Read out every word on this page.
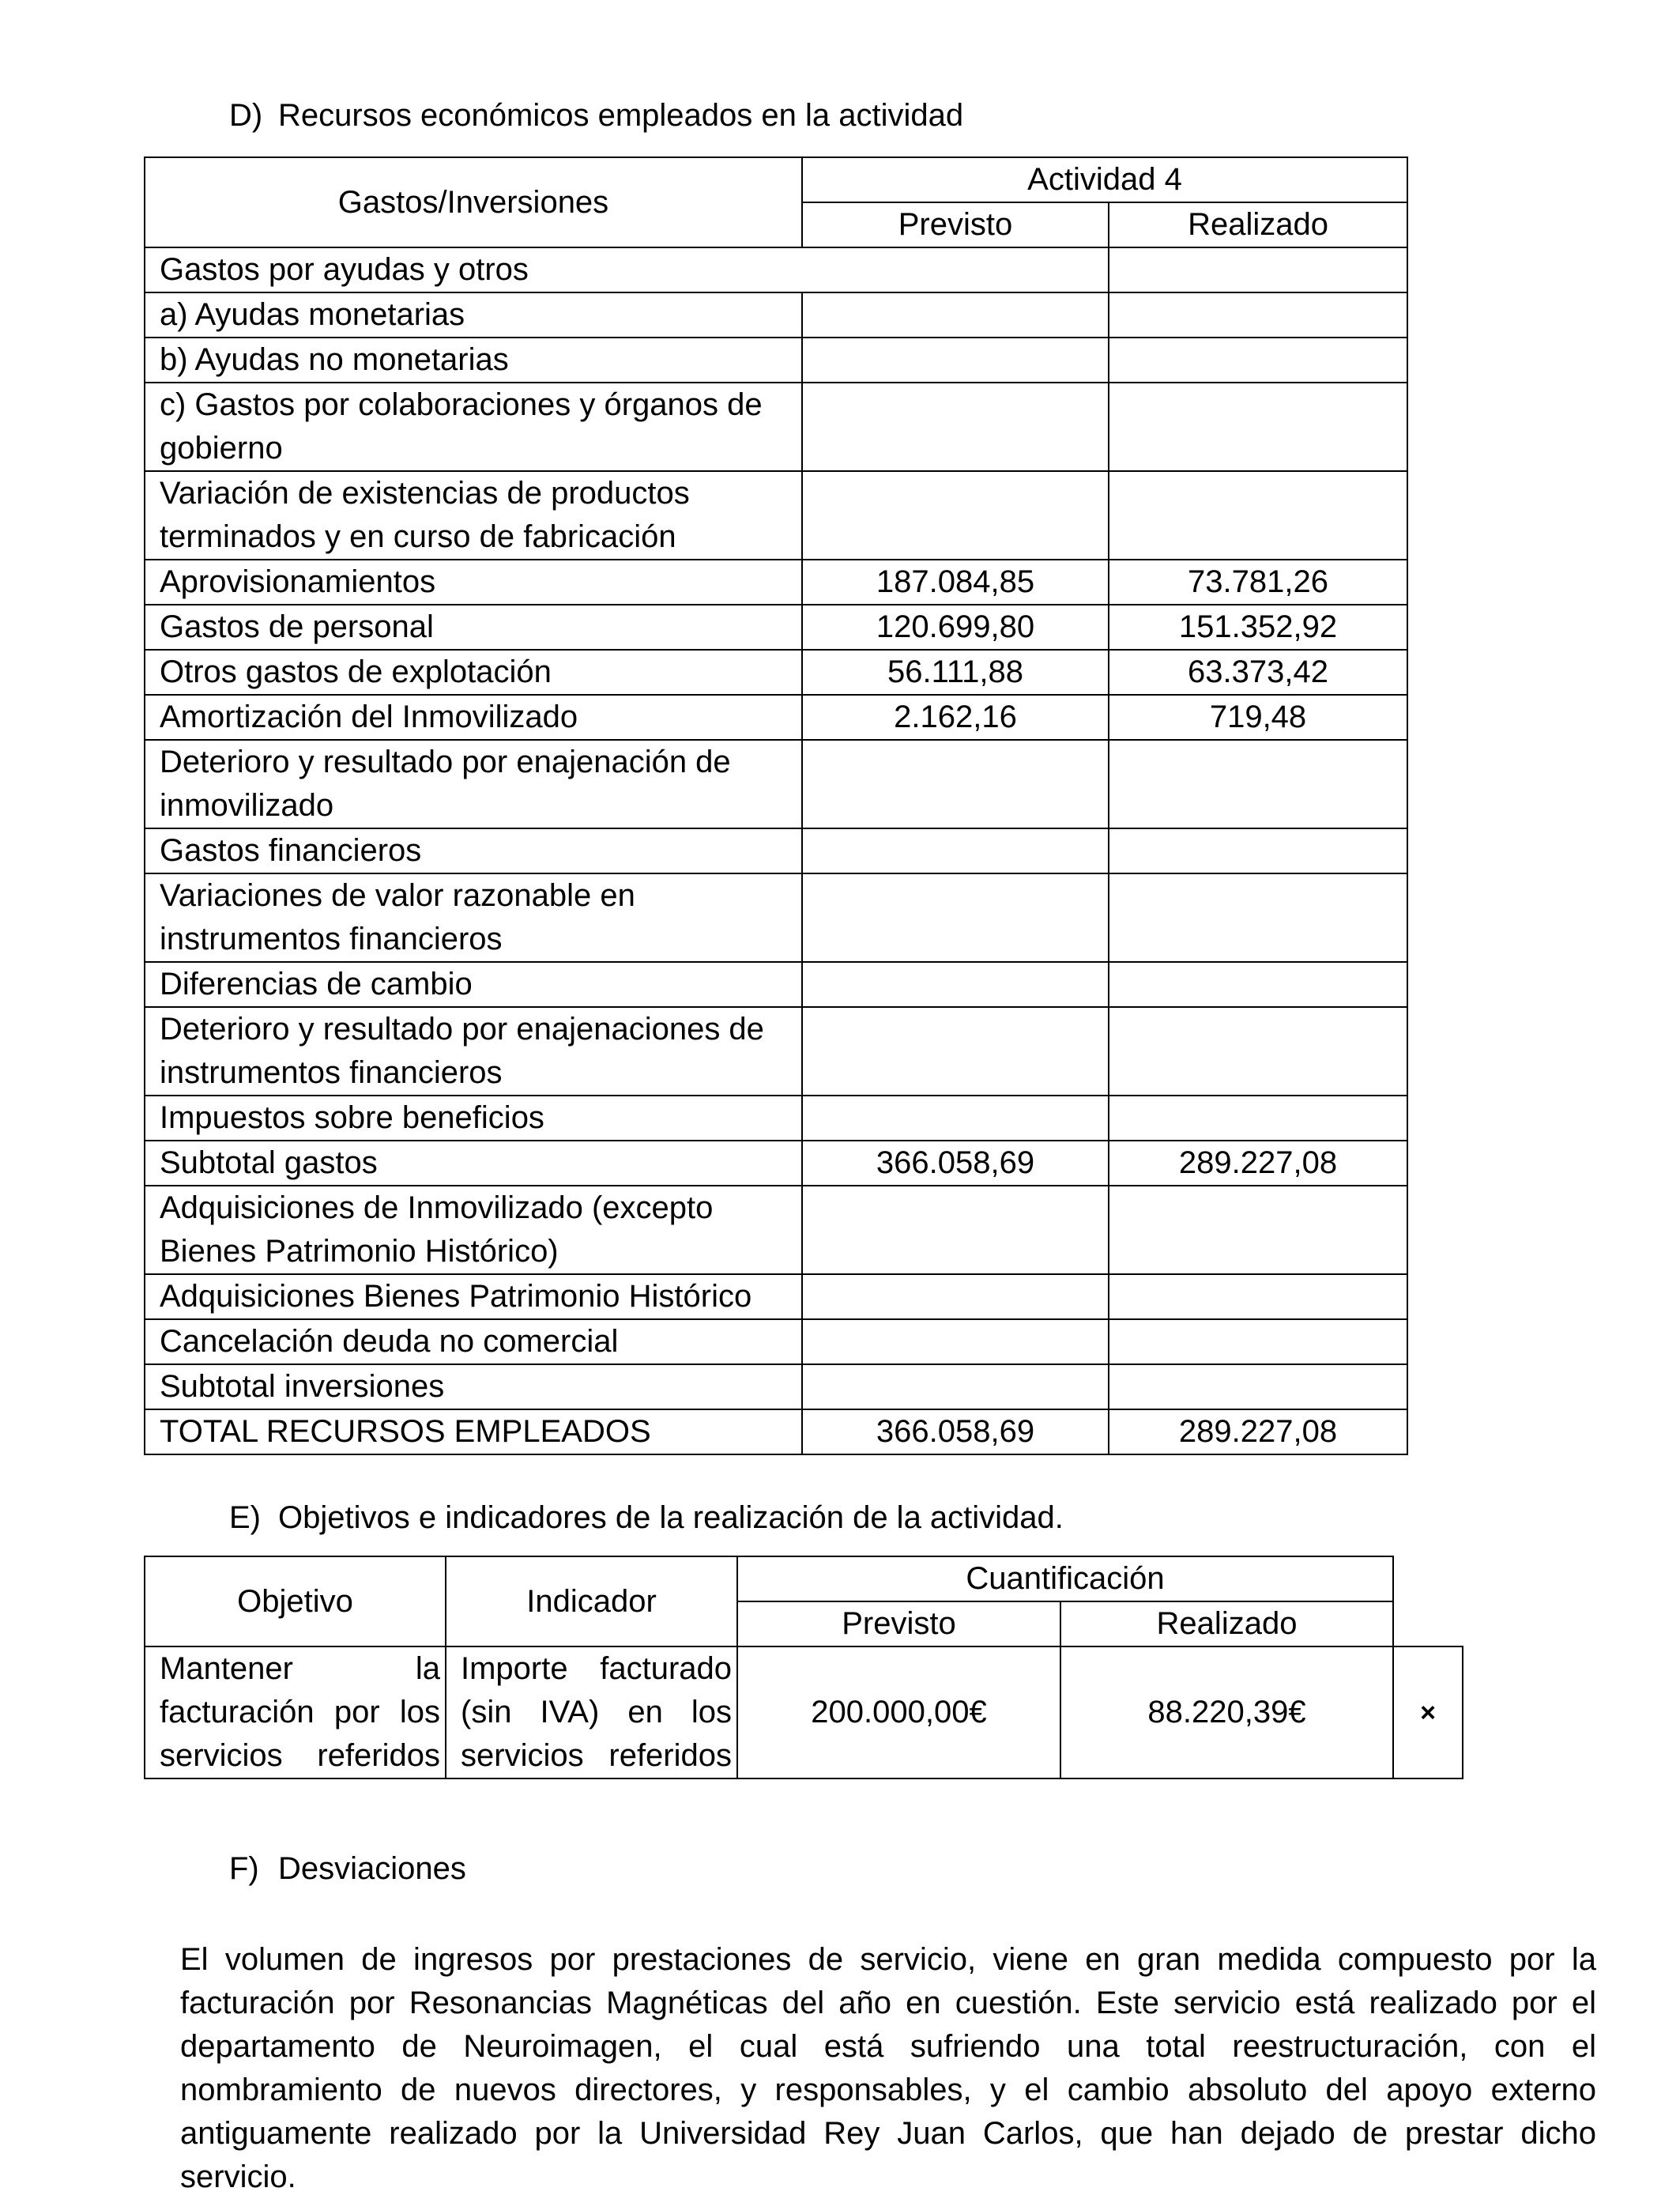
D) Recursos económicos empleados en la actividad
Gastos/Inversiones	Actividad 4	
	Previsto	Realizado
Gastos por ayudas y otros		
a) Ayudas monetarias		
b) Ayudas no monetarias		
c) Gastos por colaboraciones y órganos de gobierno		
Variación de existencias de productos terminados y en curso de fabricación		
Aprovisionamientos	187.084,85	73.781,26
Gastos de personal	120.699,80	151.352,92
Otros gastos de explotación	56.111,88	63.373,42
Amortización del Inmovilizado	2.162,16	719,48
Deterioro y resultado por enajenación de inmovilizado		
Gastos financieros		
Variaciones de valor razonable en instrumentos financieros		
Diferencias de cambio		
Deterioro y resultado por enajenaciones de instrumentos financieros		
Impuestos sobre beneficios		
Subtotal gastos	366.058,69	289.227,08
Adquisiciones de Inmovilizado (excepto Bienes Patrimonio Histórico)		
Adquisiciones Bienes Patrimonio Histórico		
Cancelación deuda no comercial		
Subtotal inversiones		
TOTAL RECURSOS EMPLEADOS	366.058,69	289.227,08
E) Objetivos e indicadores de la realización de la actividad.
Objetivo	Indicador	Cuantificación		
		Previsto	Realizado	
Mantener la facturación por los servicios referidos	Importe facturado (sin IVA) en los servicios referidos	200.000,00€	88.220,39€	×
F) Desviaciones

El volumen de ingresos por prestaciones de servicio, viene en gran medida compuesto por la facturación por Resonancias Magnéticas del año en cuestión. Este servicio está realizado por el departamento de Neuroimagen, el cual está sufriendo una total reestructuración, con el nombramiento de nuevos directores, y responsables, y el cambio absoluto del apoyo externo antiguamente realizado por la Universidad Rey Juan Carlos, que han dejado de prestar dicho servicio.
